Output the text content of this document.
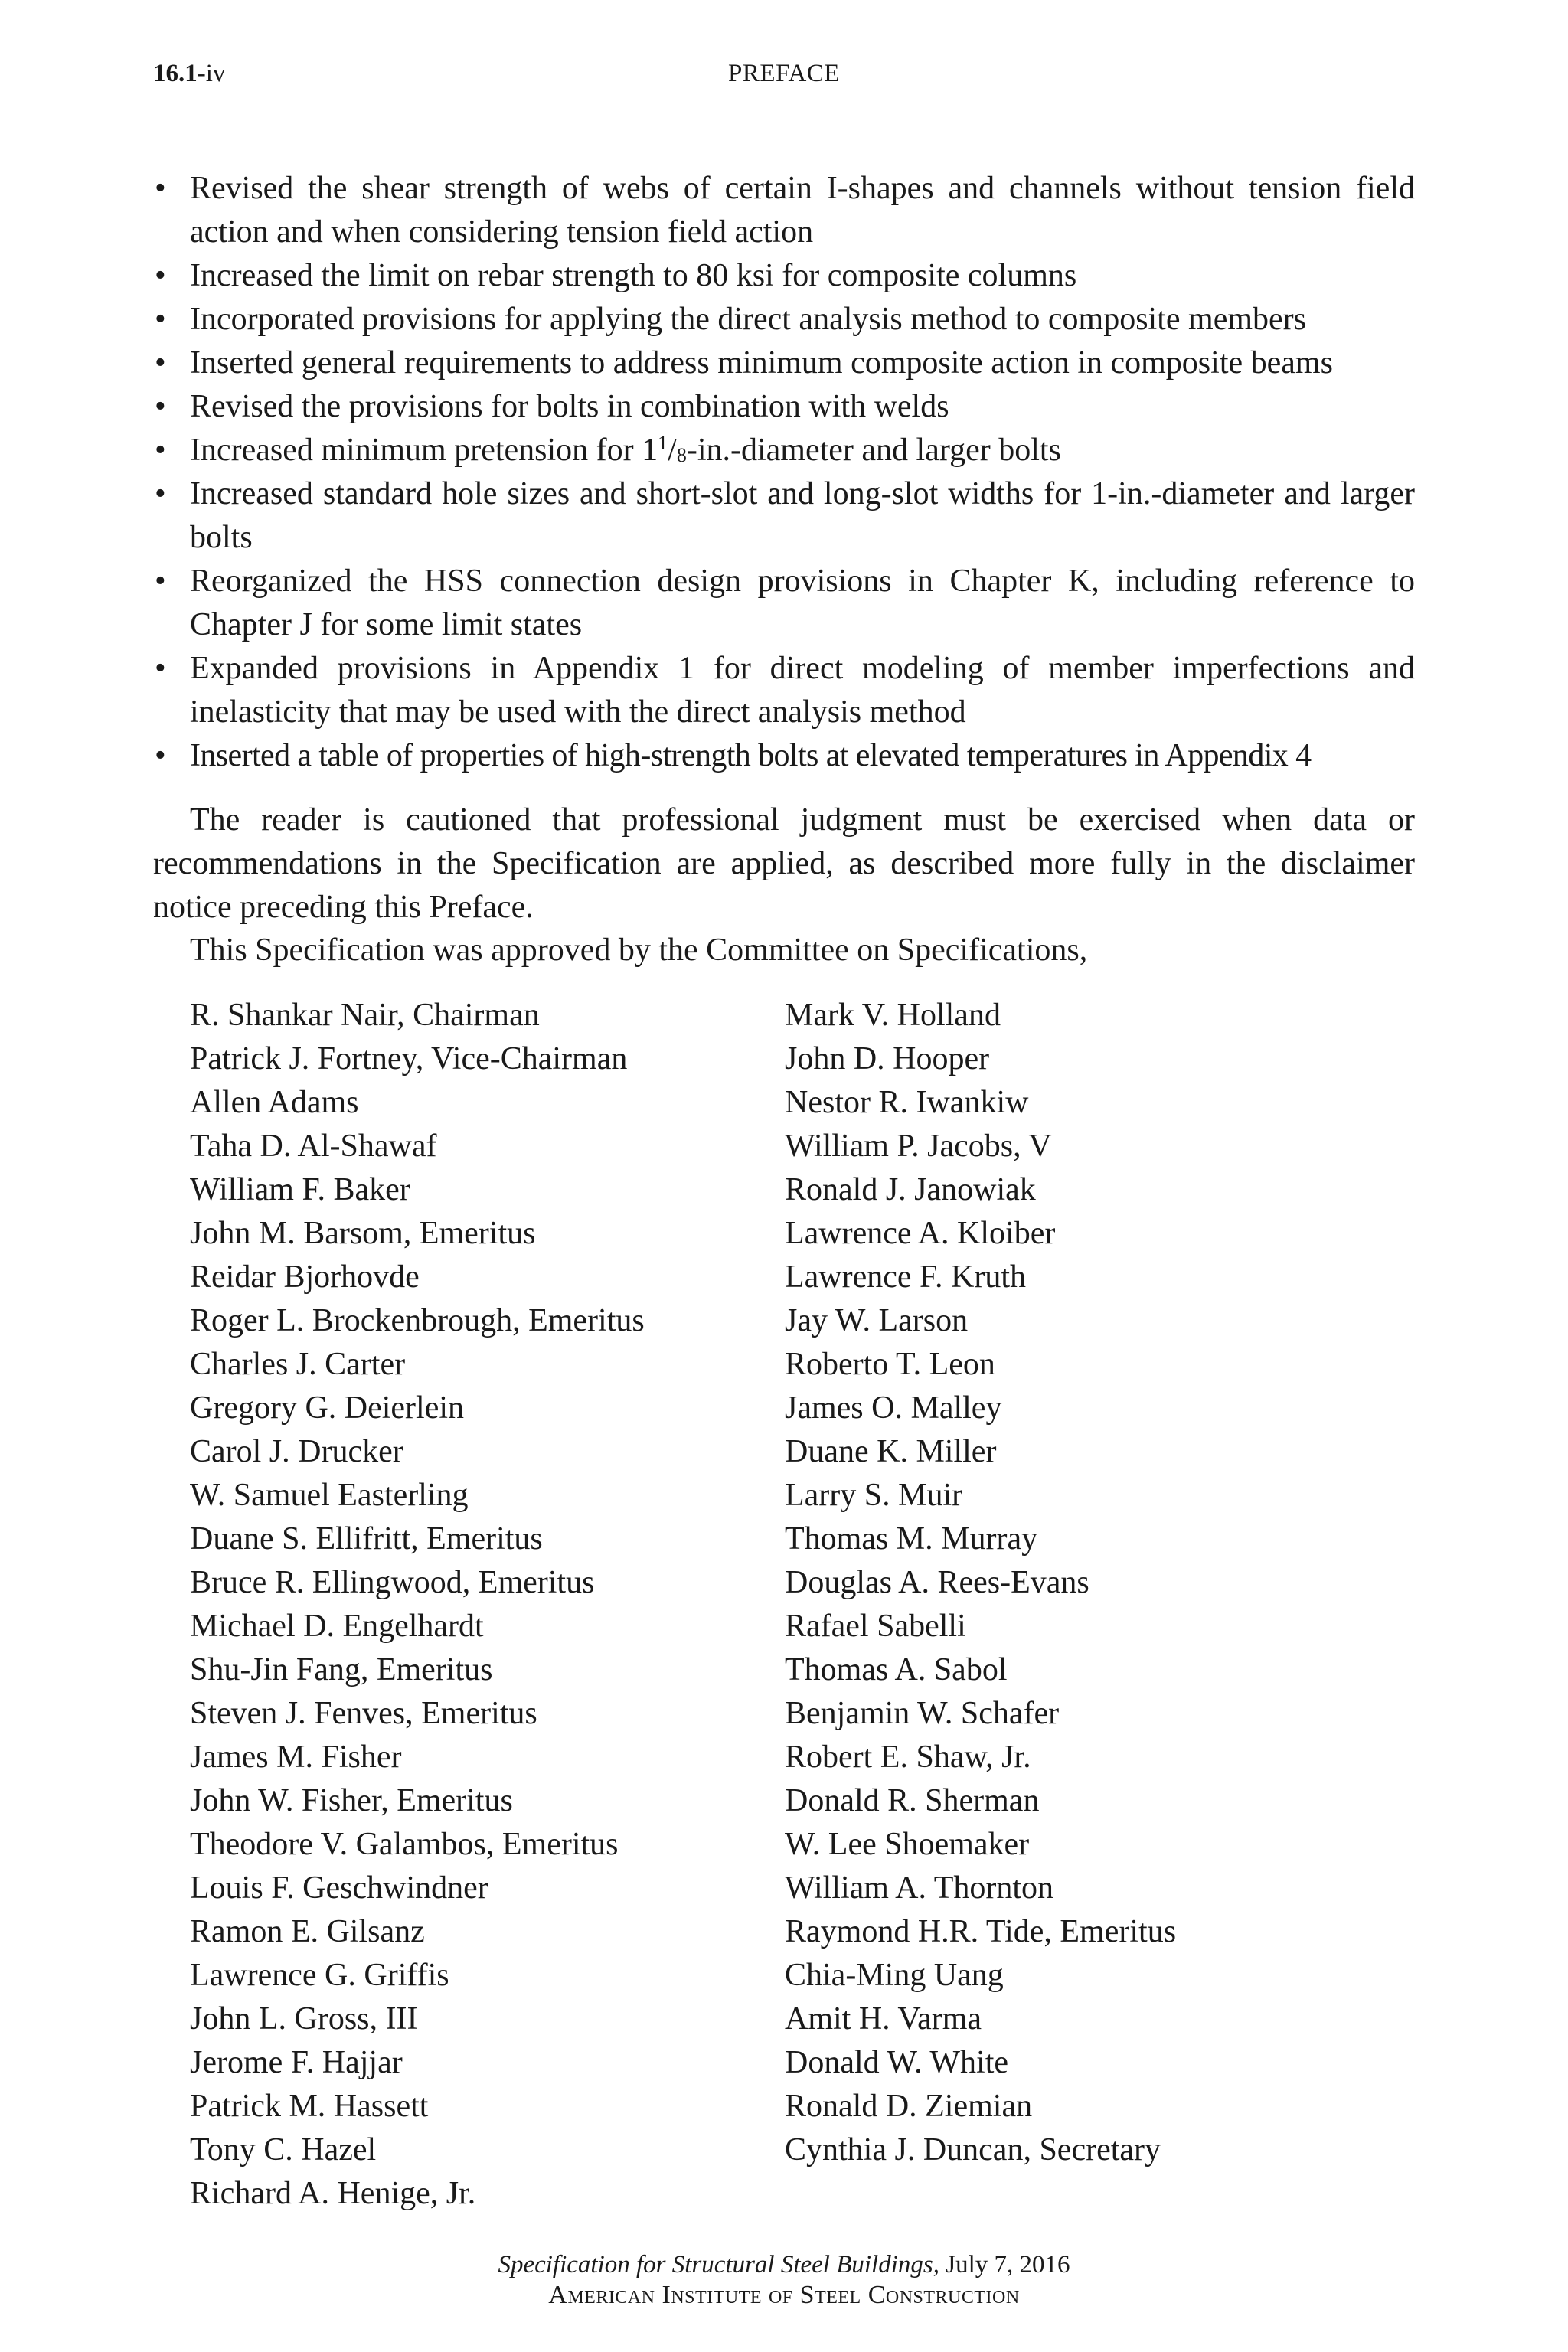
16.1-iv	PREFACE
• Revised the shear strength of webs of certain I-shapes and channels without tension field action and when considering tension field action
• Increased the limit on rebar strength to 80 ksi for composite columns
• Incorporated provisions for applying the direct analysis method to composite members
• Inserted general requirements to address minimum composite action in composite beams
• Revised the provisions for bolts in combination with welds
• Increased minimum pretension for $1^1/_8-in$.-diameter and larger bolts
• Increased standard hole sizes and short-slot and long-slot widths for 1-in.-diameter and larger bolts
• Reorganized the HSS connection design provisions in Chapter K, including reference to Chapter J for some limit states
• Expanded provisions in Appendix 1 for direct modeling of member imperfections and inelasticity that may be used with the direct analysis method
• Inserted a table of properties of high-strength bolts at elevated temperatures in Appendix 4

The reader is cautioned that professional judgment must be exercised when data or recommendations in the Specification are applied, as described more fully in the disclaimer notice preceding this Preface.

This Specification was approved by the Committee on Specifications,

R. Shankar Nair, Chairman
Patrick J. Fortney, Vice-Chairman
Allen Adams
Taha D. Al-Shawaf
William F. Baker
John M. Barsom, Emeritus
Reidar Bjorhovde
Roger L. Brockenbrough, Emeritus
Charles J. Carter
Gregory G. Deierlein
Carol J. Drucker
W. Samuel Easterling
Duane S. Ellifritt, Emeritus
Bruce R. Ellingwood, Emeritus
Michael D. Engelhardt
Shu-Jin Fang, Emeritus
Steven J. Fenves, Emeritus
James M. Fisher
John W. Fisher, Emeritus
Theodore V. Galambos, Emeritus
Louis F. Geschwindner
Ramon E. Gilsanz
Lawrence G. Griffis
John L. Gross, III
Jerome F. Hajjar
Patrick M. Hassett
Tony C. Hazel
Richard A. Henige, Jr.
Mark V. Holland
John D. Hooper
Nestor R. Iwankiw
William P. Jacobs, V
Ronald J. Janowiak
Lawrence A. Kloiber
Lawrence F. Kruth
Jay W. Larson
Roberto T. Leon
James O. Malley
Duane K. Miller
Larry S. Muir
Thomas M. Murray
Douglas A. Rees-Evans
Rafael Sabelli
Thomas A. Sabol
Benjamin W. Schafer
Robert E. Shaw, Jr.
Donald R. Sherman
W. Lee Shoemaker
William A. Thornton
Raymond H.R. Tide, Emeritus
Chia-Ming Uang
Amit H. Varma
Donald W. White
Ronald D. Ziemian
Cynthia J. Duncan, Secretary
Specification for Structural Steel Buildings, July 7, 2016
American Institute of Steel Construction
